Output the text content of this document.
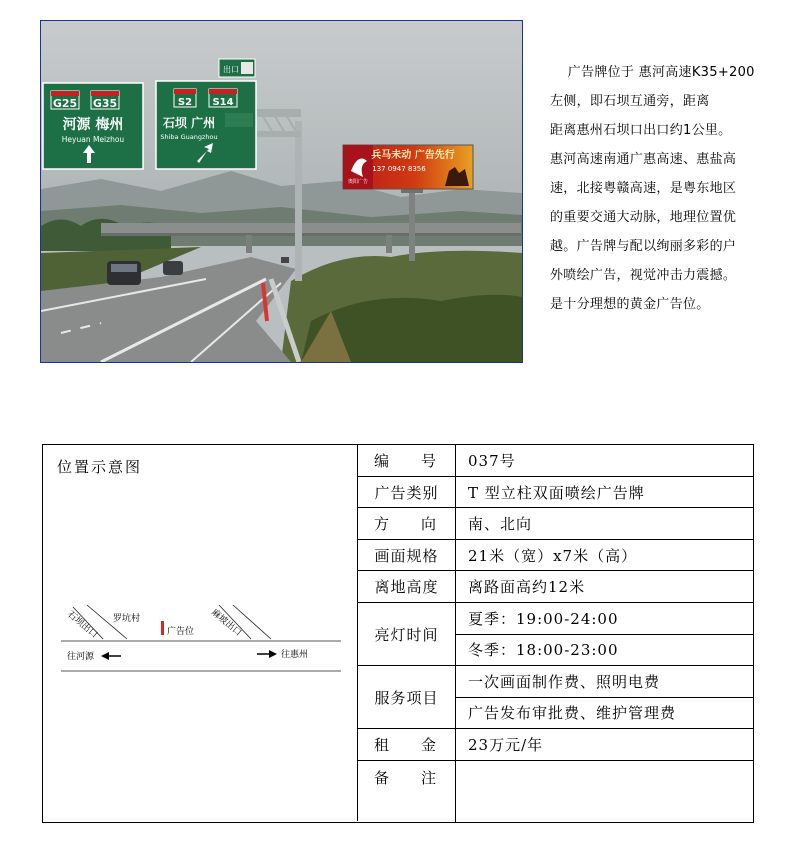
G25 G35
河源 梅州
Heyuan Meizhou
出口
S2 S14
石坝 广州
Shiba Guangzhou
奥阳广告
兵马未动 广告先行
137 0947 8356

广告牌位于 惠河高速K35+200

左侧，即石坝互通旁，距离

距离惠州石坝口出口约1公里。

惠河高速南通广惠高速、惠盐高

速，北接粤赣高速，是粤东地区

的重要交通大动脉，地理位置优

越。广告牌与配以绚丽多彩的户

外喷绘广告，视觉冲击力震撼。

是十分理想的黄金广告位。

位置示意图
石坝出口	麻坡出口
罗坑村
广告位
往河源	往惠州
编 号 037号
广告类别	T 型立柱双面喷绘广告牌
方 向 南、北向
画面规格	21米（宽）x7米（高）
离地高度	离路面高约12米
亮灯时间
夏季：19:00-24:00
冬季：18:00-23:00
服务项目
一次画面制作费、照明电费
广告发布审批费、维护管理费
租 金 23万元/年
备 注
